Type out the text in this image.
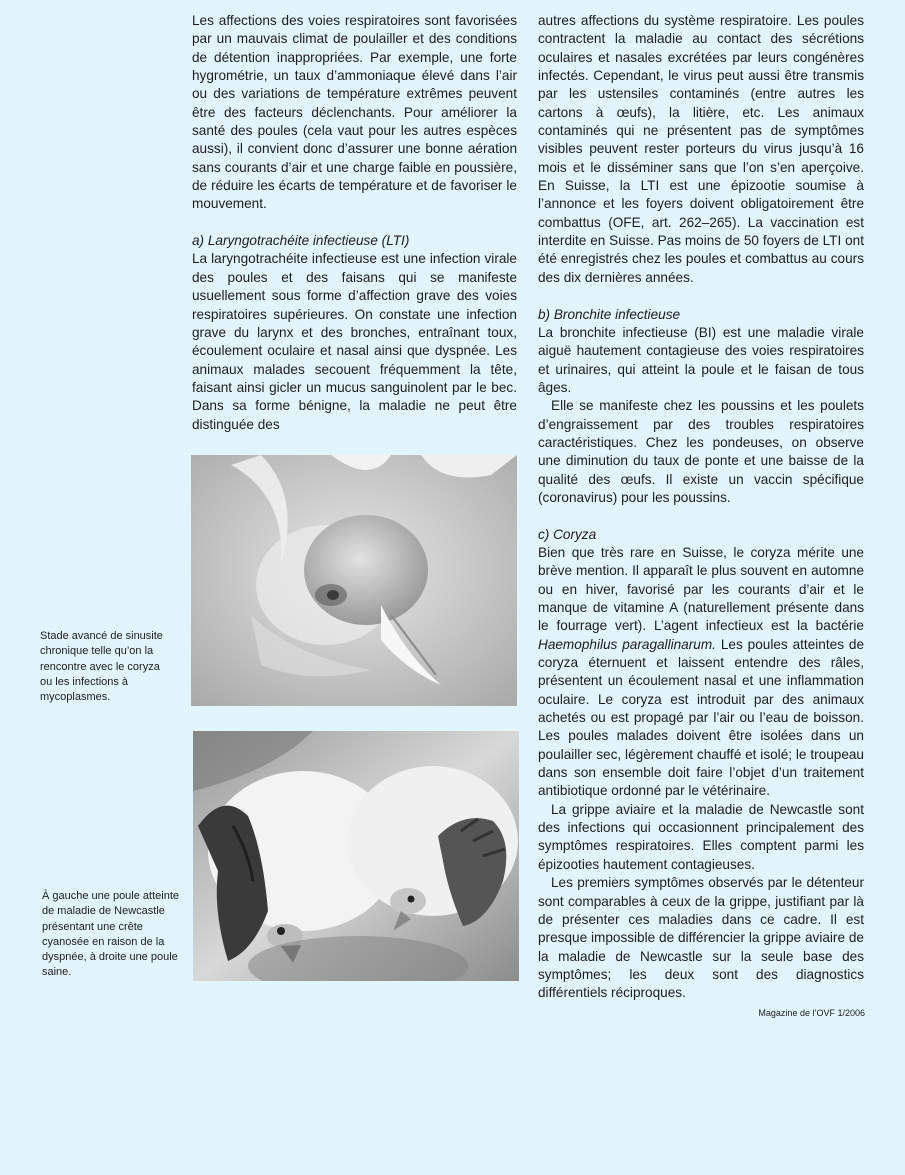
Les affections des voies respiratoires sont favorisées par un mauvais climat de poulailler et des conditions de détention inappropriées. Par exemple, une forte hygrométrie, un taux d’ammoniaque élevé dans l’air ou des variations de température extrêmes peuvent être des facteurs déclenchants. Pour améliorer la santé des poules (cela vaut pour les autres espèces aussi), il convient donc d’assurer une bonne aération sans courants d’air et une charge faible en poussière, de réduire les écarts de température et de favoriser le mouvement.

a) Laryngotrachéite infectieuse (LTI)

La laryngotrachéite infectieuse est une infection virale des poules et des faisans qui se manifeste usuellement sous forme d’affection grave des voies respiratoires supérieures. On constate une infection grave du larynx et des bronches, entraînant toux, écoulement oculaire et nasal ainsi que dyspnée. Les animaux malades secouent fréquemment la tête, faisant ainsi gicler un mucus sanguinolent par le bec. Dans sa forme bénigne, la maladie ne peut être distinguée des

autres affections du système respiratoire. Les poules contractent la maladie au contact des sécrétions oculaires et nasales excrétées par leurs congénères infectés. Cependant, le virus peut aussi être transmis par les ustensiles contaminés (entre autres les cartons à œufs), la litière, etc. Les animaux contaminés qui ne présentent pas de symptômes visibles peuvent rester porteurs du virus jusqu’à 16 mois et le disséminer sans que l’on s’en aperçoive. En Suisse, la LTI est une épizootie soumise à l’annonce et les foyers doivent obligatoirement être combattus (OFE, art. 262–265). La vaccination est interdite en Suisse. Pas moins de 50 foyers de LTI ont été enregistrés chez les poules et combattus au cours des dix dernières années.

b) Bronchite infectieuse

La bronchite infectieuse (BI) est une maladie virale aiguë hautement contagieuse des voies respiratoires et urinaires, qui atteint la poule et le faisan de tous âges.

Elle se manifeste chez les poussins et les poulets d’engraissement par des troubles respiratoires caractéristiques. Chez les pondeuses, on observe une diminution du taux de ponte et une baisse de la qualité des œufs. Il existe un vaccin spécifique (coronavirus) pour les poussins.

c) Coryza

Bien que très rare en Suisse, le coryza mérite une brève mention. Il apparaît le plus souvent en automne ou en hiver, favorisé par les courants d’air et le manque de vitamine A (naturellement présente dans le fourrage vert). L’agent infectieux est la bactérie Haemophilus paragallinarum. Les poules atteintes de coryza éternuent et laissent entendre des râles, présentent un écoulement nasal et une inflammation oculaire. Le coryza est introduit par des animaux achetés ou est propagé par l’air ou l’eau de boisson. Les poules malades doivent être isolées dans un poulailler sec, légèrement chauffé et isolé; le troupeau dans son ensemble doit faire l’objet d’un traitement antibiotique ordonné par le vétérinaire.

La grippe aviaire et la maladie de Newcastle sont des infections qui occasionnent principalement des symptômes respiratoires. Elles comptent parmi les épizooties hautement contagieuses.

Les premiers symptômes observés par le détenteur sont comparables à ceux de la grippe, justifiant par là de présenter ces maladies dans ce cadre. Il est presque impossible de différencier la grippe aviaire de la maladie de Newcastle sur la seule base des symptômes; les deux sont des diagnostics différentiels réciproques.

Stade avancé de sinusite chronique telle qu’on la rencontre avec le coryza ou les infections à mycoplasmes.
À gauche une poule atteinte de maladie de Newcastle présentant une crête cyanosée en raison de la dyspnée, à droite une poule saine.
Magazine de l’OVF 1/2006
